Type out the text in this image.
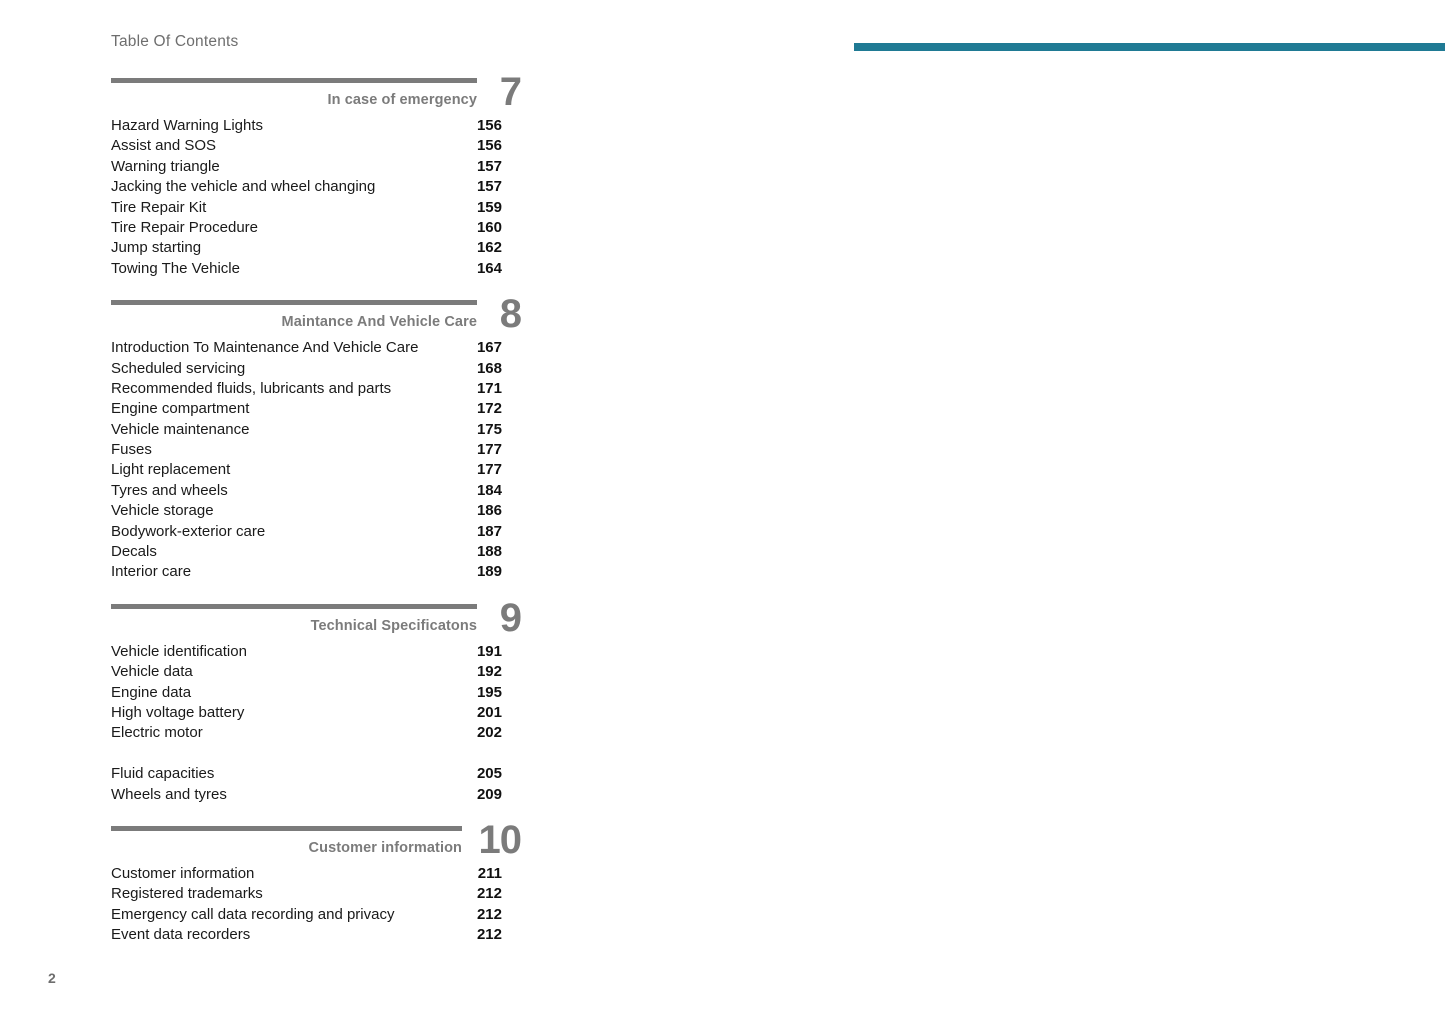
Table Of Contents
In case of emergency 7
Hazard Warning Lights	156
Assist and SOS	156
Warning triangle	157
Jacking the vehicle and wheel changing	157
Tire Repair Kit	159
Tire Repair Procedure	160
Jump starting	162
Towing The Vehicle	164
Maintance And Vehicle Care 8
Introduction To Maintenance And Vehicle Care	167
Scheduled servicing	168
Recommended fluids, lubricants and parts	171
Engine compartment	172
Vehicle maintenance	175
Fuses	177
Light replacement	177
Tyres and wheels	184
Vehicle storage	186
Bodywork-exterior care	187
Decals	188
Interior care	189
Technical Specificatons 9
Vehicle identification	191
Vehicle data	192
Engine data	195
High voltage battery	201
Electric motor	202
Fluid capacities	205
Wheels and tyres	209
Customer information 10
Customer information	211
Registered trademarks	212
Emergency call data recording and privacy	212
Event data recorders	212
2
